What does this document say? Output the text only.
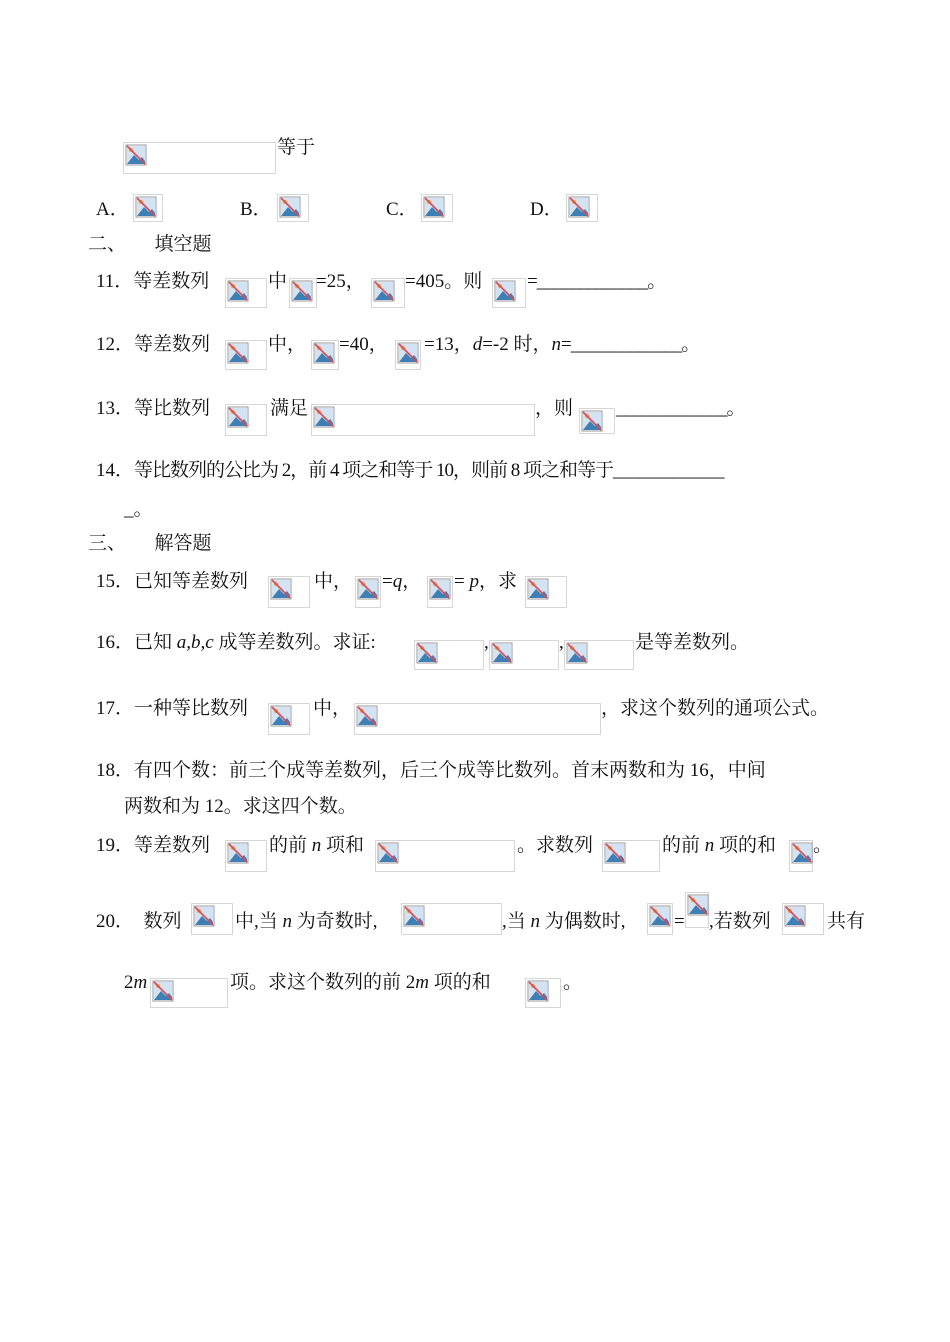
等于
A．	B．	C．	D．
二、　　填空题
11．等差数列	中 =25， =405。则 =_____________。
12．等差数列	中， =40， =13，d=-2 时，n=_____________。
13．等比数列	满足	，则 _____________。
14．等比数列的公比为 2，前 4 项之和等于 10，则前 8 项之和等于_____________
_。
三、　　解答题
15．已知等差数列	中， =q， = p，求
16．已知 a,b,c 成等差数列。求证:	,	,	是等差数列。
17．一种等比数列	中，	，求这个数列的通项公式。
18．有四个数：前三个成等差数列，后三个成等比数列。首末两数和为 16，中间
两数和为 12。求这四个数。
19．等差数列	的前 n 项和	。求数列	的前 n 项的和 。
20．　 数列	中,当 n 为奇数时,	,当 n 为偶数时,	= ,若数列	共有
2m	项。求这个数列的前 2m 项的和	。
